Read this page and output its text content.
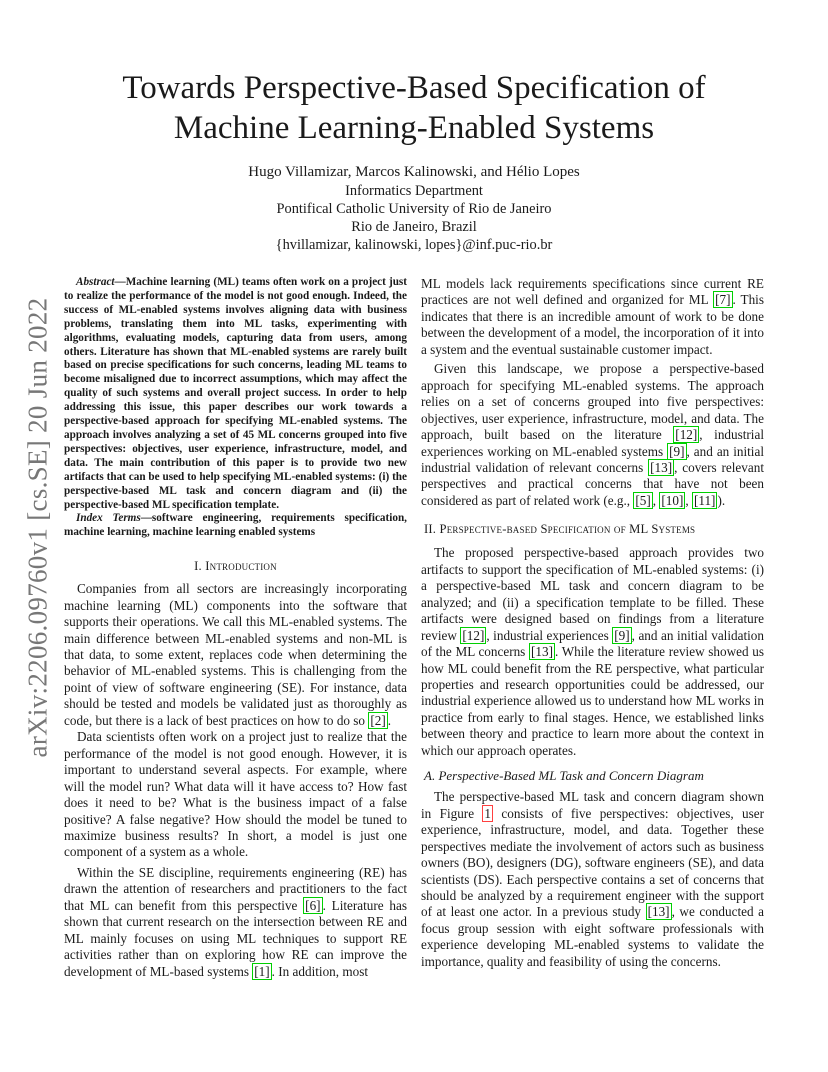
arXiv:2206.09760v1 [cs.SE] 20 Jun 2022
Towards Perspective-Based Specification of
Machine Learning-Enabled Systems
Hugo Villamizar, Marcos Kalinowski, and Hélio Lopes
Informatics Department
Pontifical Catholic University of Rio de Janeiro
Rio de Janeiro, Brazil
{hvillamizar, kalinowski, lopes}@inf.puc-rio.br

Abstract—Machine learning (ML) teams often work on a project just to realize the performance of the model is not good enough. Indeed, the success of ML-enabled systems involves aligning data with business problems, translating them into ML tasks, experimenting with algorithms, evaluating models, capturing data from users, among others. Literature has shown that ML-enabled systems are rarely built based on precise specifications for such concerns, leading ML teams to become misaligned due to incorrect assumptions, which may affect the quality of such systems and overall project success. In order to help addressing this issue, this paper describes our work towards a perspective-based approach for specifying ML-enabled systems. The approach involves analyzing a set of 45 ML concerns grouped into five perspectives: objectives, user experience, infrastructure, model, and data. The main contribution of this paper is to provide two new artifacts that can be used to help specifying ML-enabled systems: (i) the perspective-based ML task and concern diagram and (ii) the perspective-based ML specification template.

Index Terms—software engineering, requirements specification, machine learning, machine learning enabled systems

I. Introduction

Companies from all sectors are increasingly incorporating machine learning (ML) components into the software that supports their operations. We call this ML-enabled systems. The main difference between ML-enabled systems and non-ML is that data, to some extent, replaces code when determining the behavior of ML-enabled systems. This is challenging from the point of view of software engineering (SE). For instance, data should be tested and models be validated just as thoroughly as code, but there is a lack of best practices on how to do so [2] .

Data scientists often work on a project just to realize that the performance of the model is not good enough. However, it is important to understand several aspects. For example, where will the model run? What data will it have access to? How fast does it need to be? What is the business impact of a false positive? A false negative? How should the model be tuned to maximize business results? In short, a model is just one component of a system as a whole.

Within the SE discipline, requirements engineering (RE) has drawn the attention of researchers and practitioners to the fact that ML can benefit from this perspective [6] . Literature has shown that current research on the intersection between RE and ML mainly focuses on using ML techniques to support RE activities rather than on exploring how RE can improve the development of ML-based systems [1] . In addition, most

ML models lack requirements specifications since current RE practices are not well defined and organized for ML [7] . This indicates that there is an incredible amount of work to be done between the development of a model, the incorporation of it into a system and the eventual sustainable customer impact.

Given this landscape, we propose a perspective-based approach for specifying ML-enabled systems. The approach relies on a set of concerns grouped into five perspectives: objectives, user experience, infrastructure, model, and data. The approach, built based on the literature [12] , industrial experiences working on ML-enabled systems [9] , and an initial industrial validation of relevant concerns [13] , covers relevant perspectives and practical concerns that have not been considered as part of related work (e.g., [5] , [10] , [11] ).

II. Perspective-based Specification of ML Systems

The proposed perspective-based approach provides two artifacts to support the specification of ML-enabled systems: (i) a perspective-based ML task and concern diagram to be analyzed; and (ii) a specification template to be filled. These artifacts were designed based on findings from a literature review [12] , industrial experiences [9] , and an initial validation of the ML concerns [13] . While the literature review showed us how ML could benefit from the RE perspective, what particular properties and research opportunities could be addressed, our industrial experience allowed us to understand how ML works in practice from early to final stages. Hence, we established links between theory and practice to learn more about the context in which our approach operates.

A. Perspective-Based ML Task and Concern Diagram

The perspective-based ML task and concern diagram shown in Figure 1 consists of five perspectives: objectives, user experience, infrastructure, model, and data. Together these perspectives mediate the involvement of actors such as business owners (BO), designers (DG), software engineers (SE), and data scientists (DS). Each perspective contains a set of concerns that should be analyzed by a requirement engineer with the support of at least one actor. In a previous study [13] , we conducted a focus group session with eight software professionals with experience developing ML-enabled systems to validate the importance, quality and feasibility of using the concerns.
